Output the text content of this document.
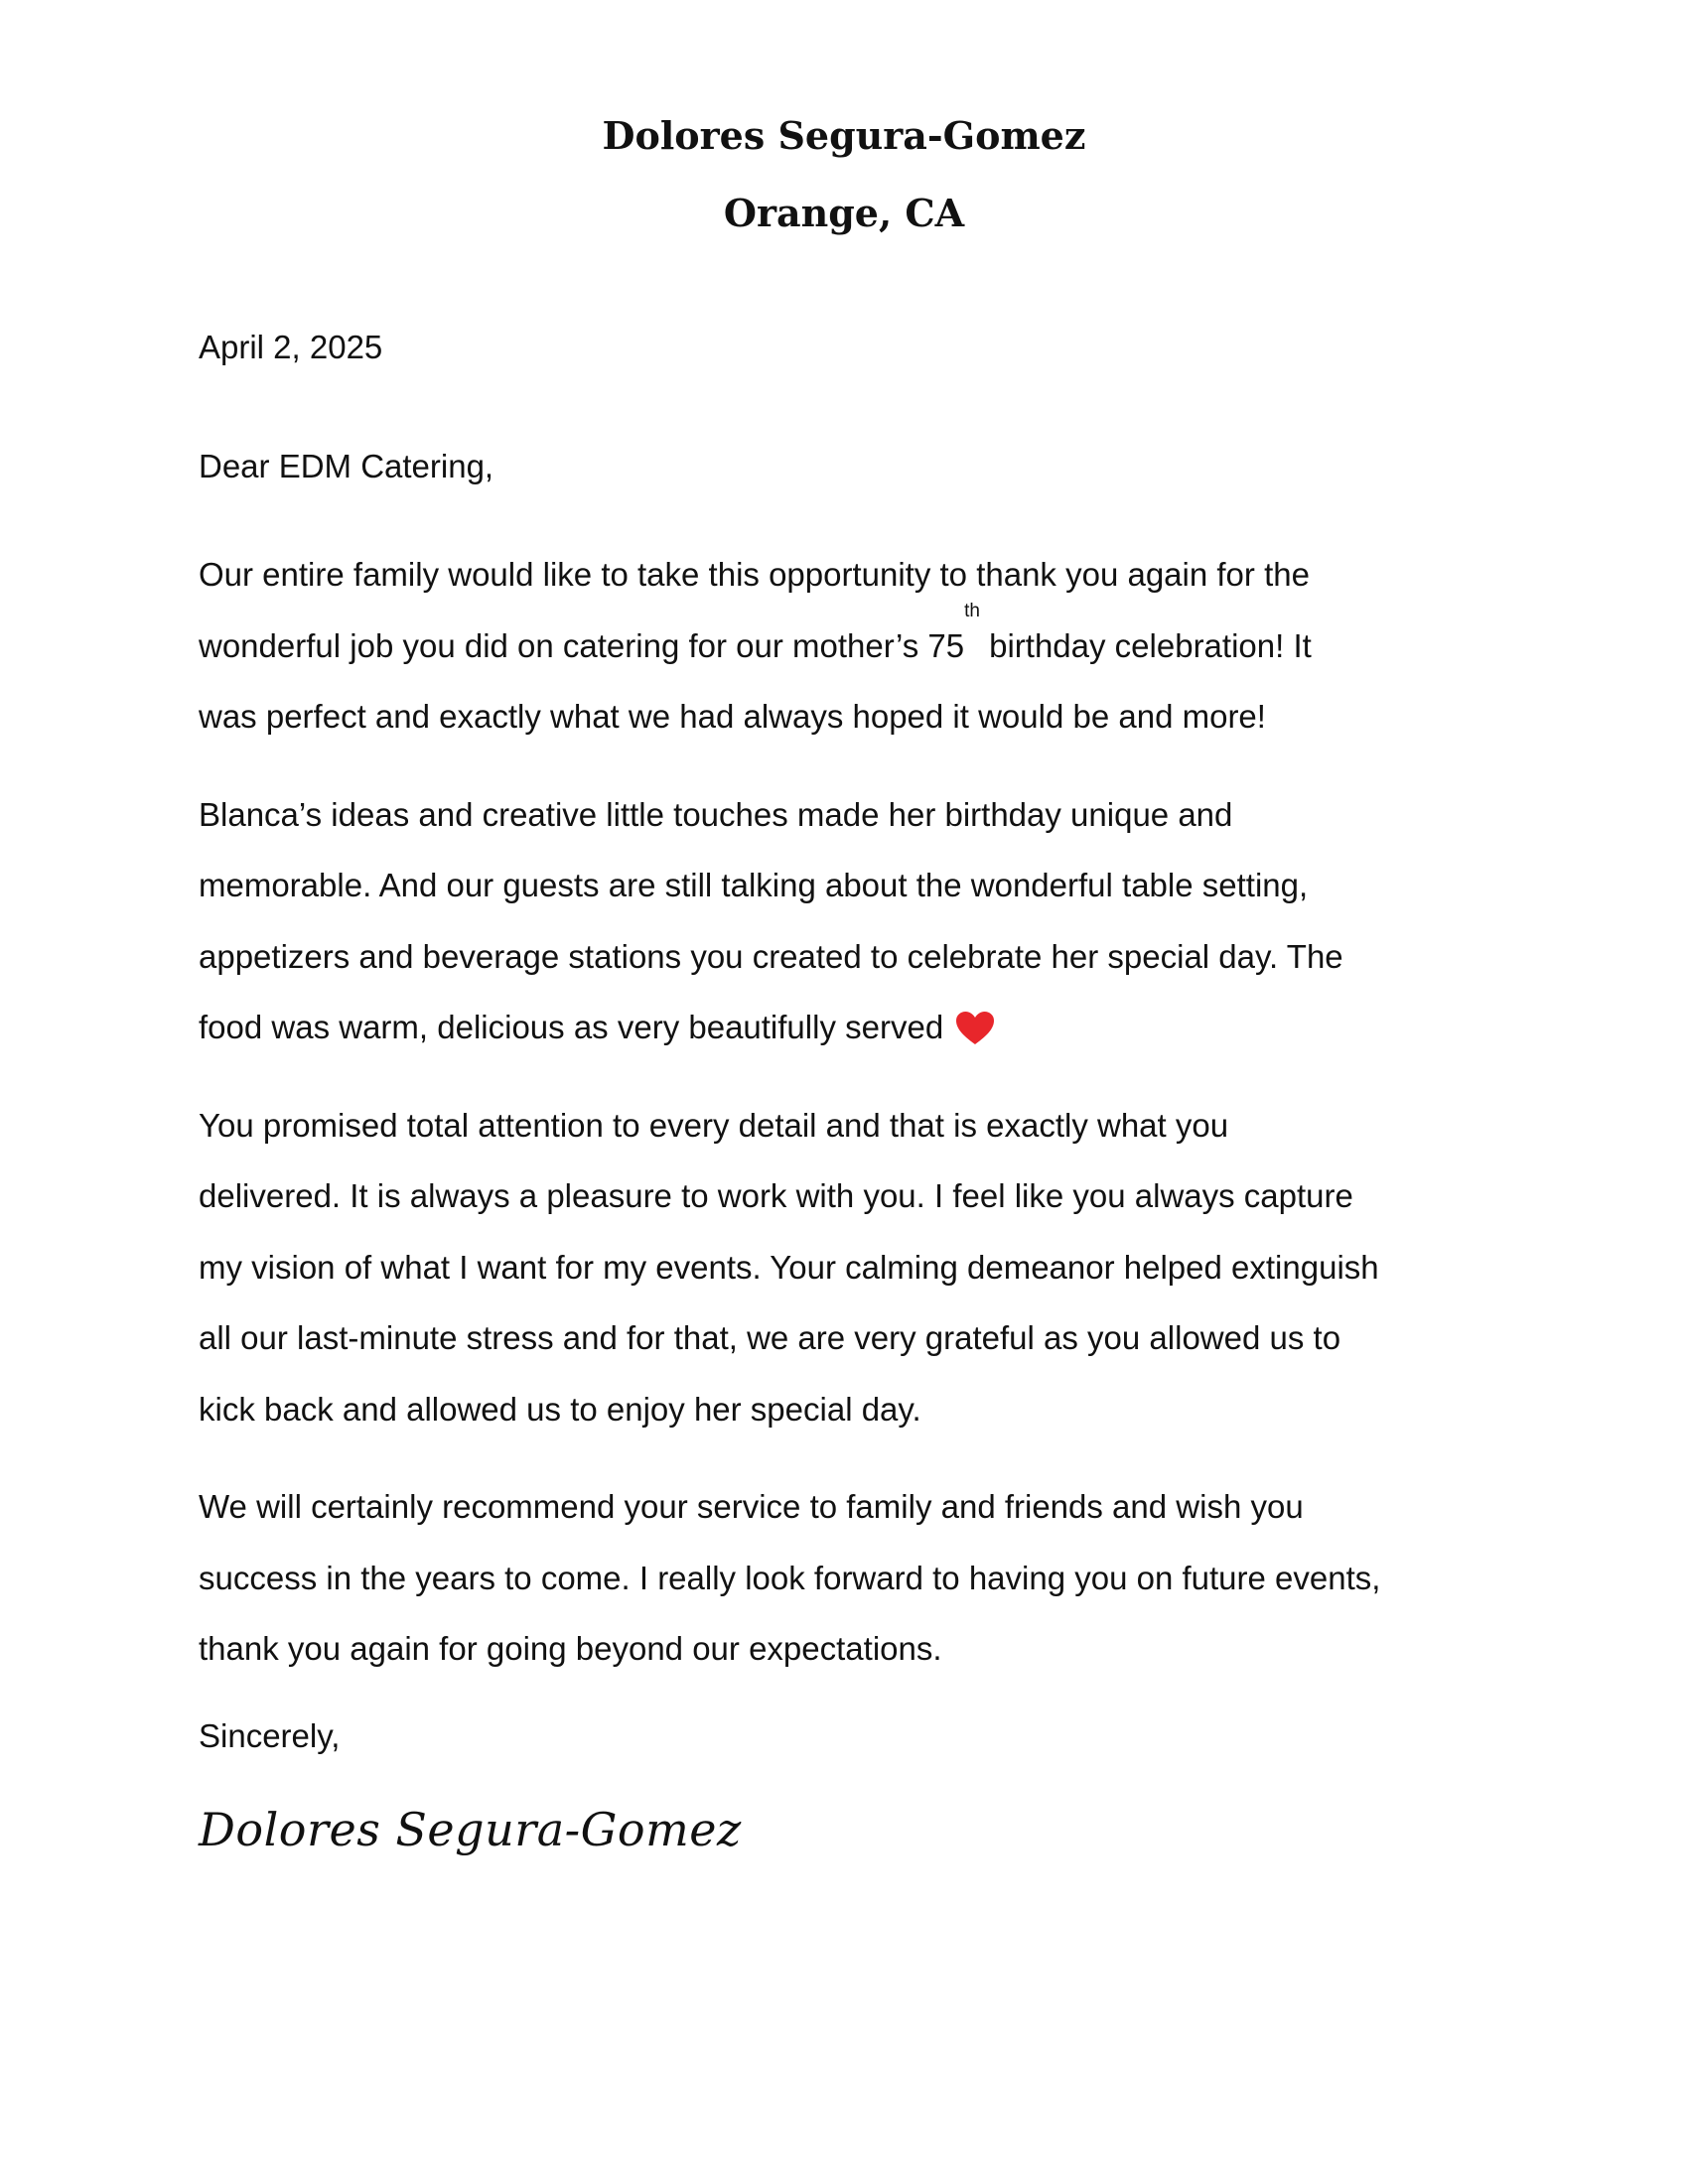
Dolores Segura-Gomez
Orange, CA
April 2, 2025
Dear EDM Catering,

Our entire family would like to take this opportunity to thank you again for the
wonderful job you did on catering for our mother’s 75th birthday celebration! It
was perfect and exactly what we had always hoped it would be and more!

Blanca’s ideas and creative little touches made her birthday unique and
memorable. And our guests are still talking about the wonderful table setting,
appetizers and beverage stations you created to celebrate her special day. The
food was warm, delicious as very beautifully served

You promised total attention to every detail and that is exactly what you
delivered. It is always a pleasure to work with you. I feel like you always capture
my vision of what I want for my events. Your calming demeanor helped extinguish
all our last-minute stress and for that, we are very grateful as you allowed us to
kick back and allowed us to enjoy her special day.

We will certainly recommend your service to family and friends and wish you
success in the years to come. I really look forward to having you on future events,
thank you again for going beyond our expectations.

Sincerely,
Dolores Segura-Gomez
